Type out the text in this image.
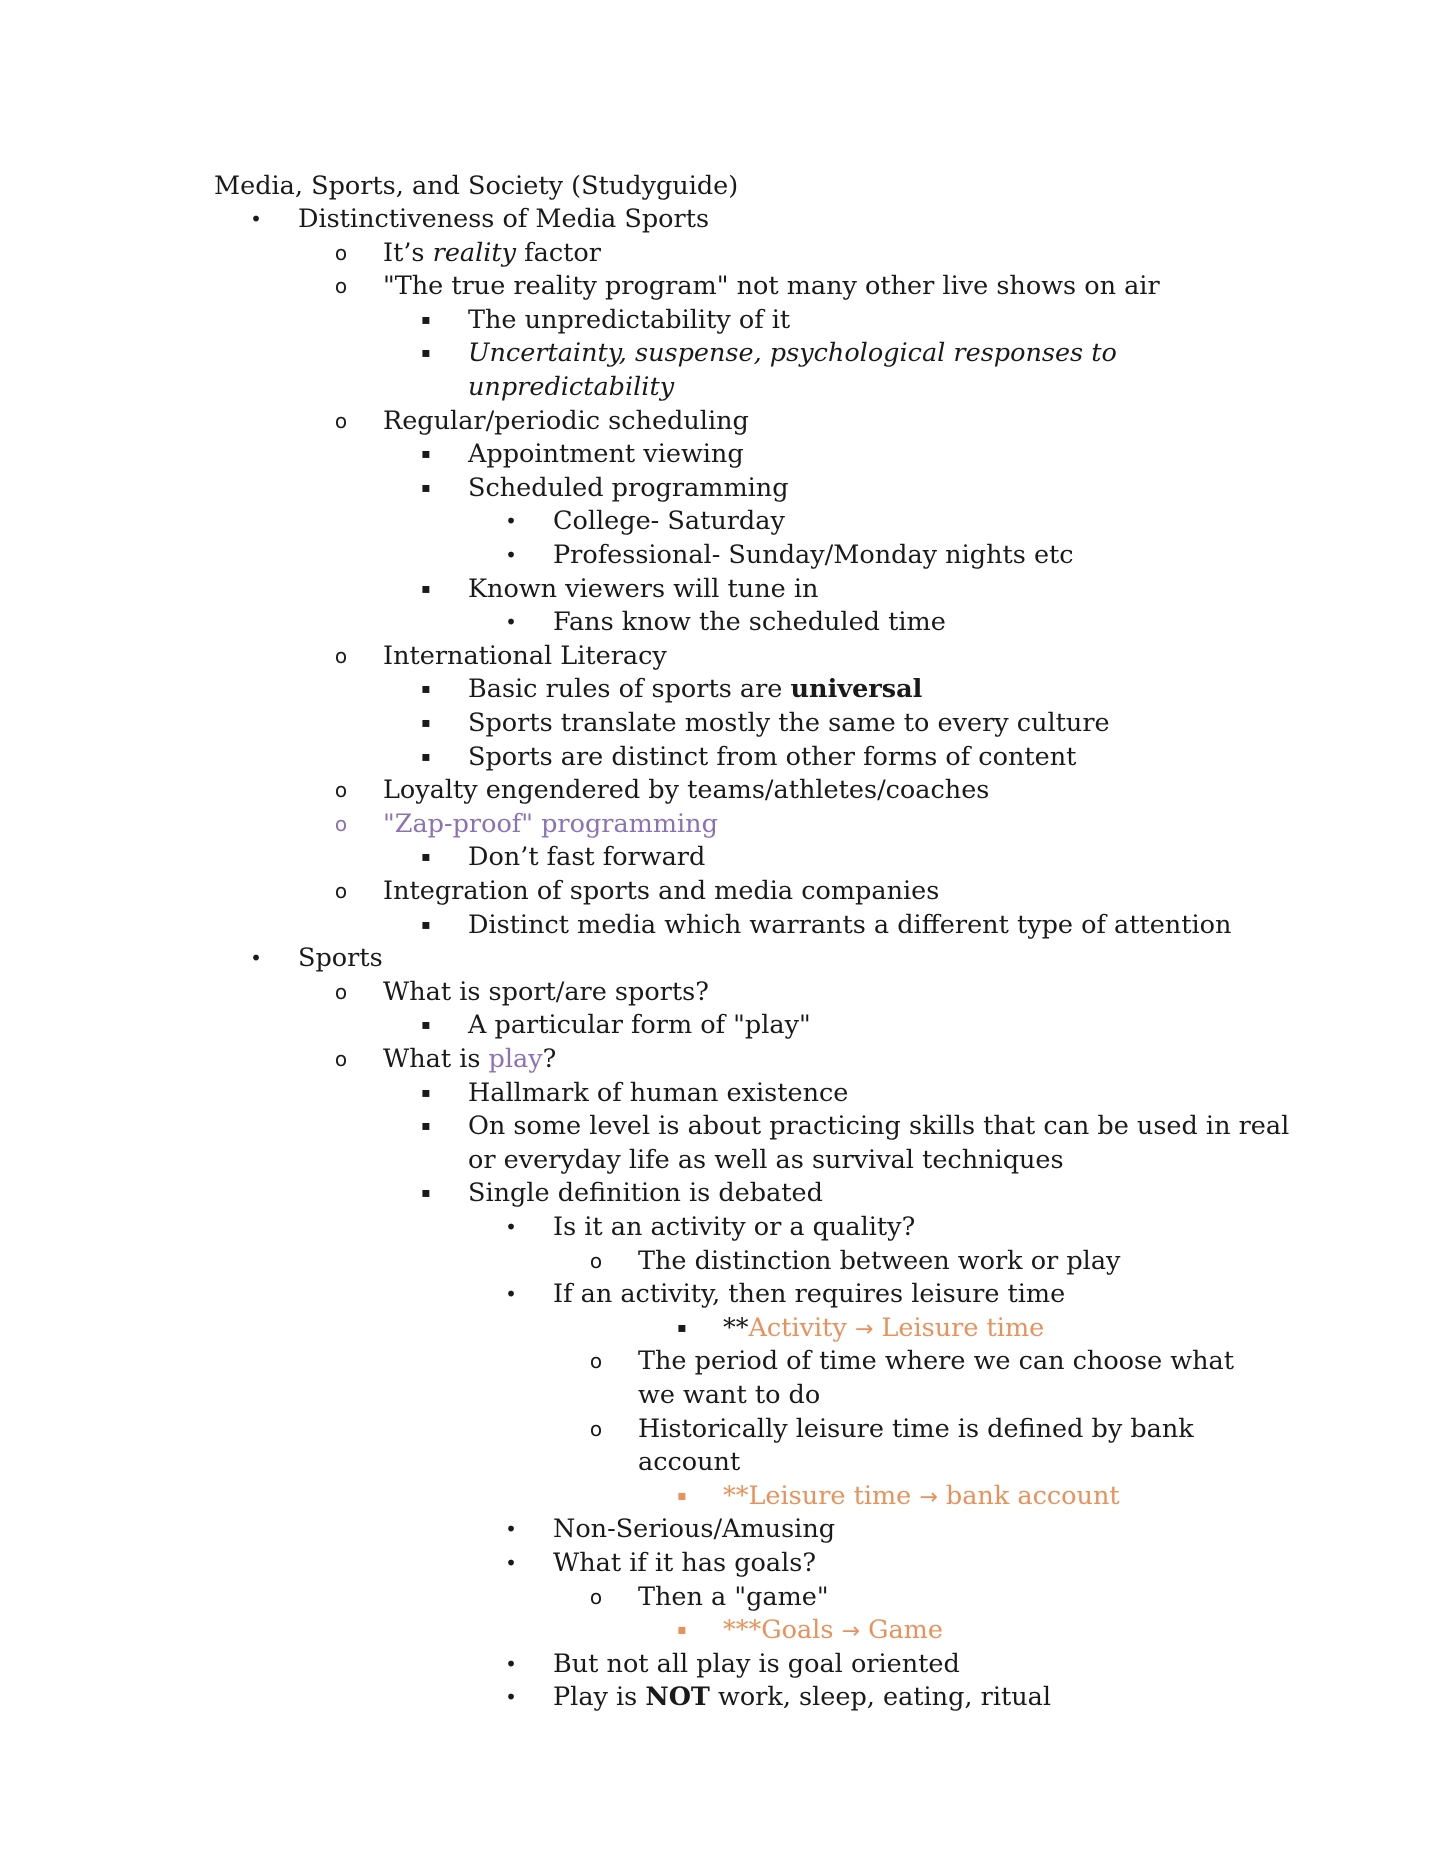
Media, Sports, and Society (Studyguide)
• Distinctiveness of Media Sports
o It’s reality factor
o "The true reality program" not many other live shows on air
▪ The unpredictability of it
▪ Uncertainty, suspense, psychological responses to
unpredictability
o Regular/periodic scheduling
▪ Appointment viewing
▪ Scheduled programming
• College- Saturday
• Professional- Sunday/Monday nights etc
▪ Known viewers will tune in
• Fans know the scheduled time
o International Literacy
▪ Basic rules of sports are universal
▪ Sports translate mostly the same to every culture
▪ Sports are distinct from other forms of content
o Loyalty engendered by teams/athletes/coaches
o "Zap-proof" programming
▪ Don’t fast forward
o Integration of sports and media companies
▪ Distinct media which warrants a different type of attention
• Sports
o What is sport/are sports?
▪ A particular form of "play"
o What is play?
▪ Hallmark of human existence
▪ On some level is about practicing skills that can be used in real
or everyday life as well as survival techniques
▪ Single definition is debated
• Is it an activity or a quality?
o The distinction between work or play
• If an activity, then requires leisure time
▪ **Activity → Leisure time
o The period of time where we can choose what
we want to do
o Historically leisure time is defined by bank
account
▪ **Leisure time → bank account
• Non-Serious/Amusing
• What if it has goals?
o Then a "game"
▪ ***Goals → Game
• But not all play is goal oriented
• Play is NOT work, sleep, eating, ritual
